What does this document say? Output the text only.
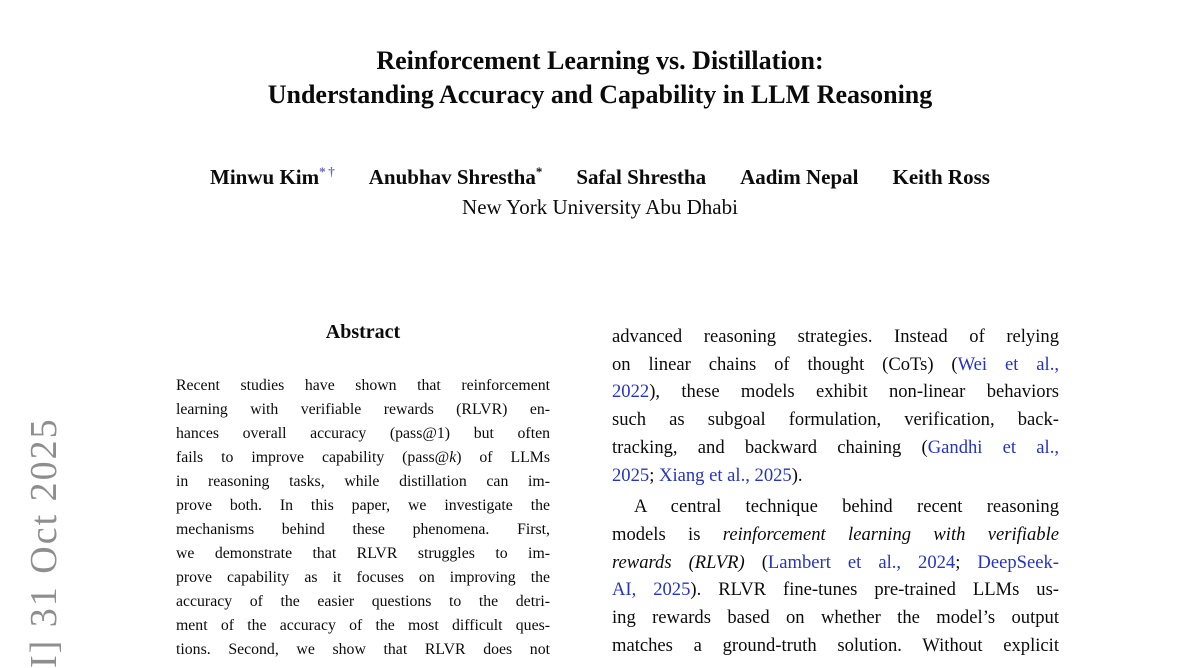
I] 31 Oct 2025
Reinforcement Learning vs. Distillation:
Understanding Accuracy and Capability in LLM Reasoning
Minwu Kim* † Anubhav Shrestha* Safal Shrestha Aadim Nepal Keith Ross
New York University Abu Dhabi
Abstract
Recent studies have shown that reinforcement
learning with verifiable rewards (RLVR) en-
hances overall accuracy (pass@1) but often
fails to improve capability (pass@k) of LLMs
in reasoning tasks, while distillation can im-
prove both. In this paper, we investigate the
mechanisms behind these phenomena. First,
we demonstrate that RLVR struggles to im-
prove capability as it focuses on improving the
accuracy of the easier questions to the detri-
ment of the accuracy of the most difficult ques-
tions. Second, we show that RLVR does not
advanced reasoning strategies. Instead of relying
on linear chains of thought (CoTs) (Wei et al.,
2022), these models exhibit non-linear behaviors
such as subgoal formulation, verification, back-
tracking, and backward chaining (Gandhi et al.,
2025; Xiang et al., 2025).
A central technique behind recent reasoning
models is reinforcement learning with verifiable
rewards (RLVR) (Lambert et al., 2024; DeepSeek-
AI, 2025). RLVR fine-tunes pre-trained LLMs us-
ing rewards based on whether the model’s output
matches a ground-truth solution. Without explicit
